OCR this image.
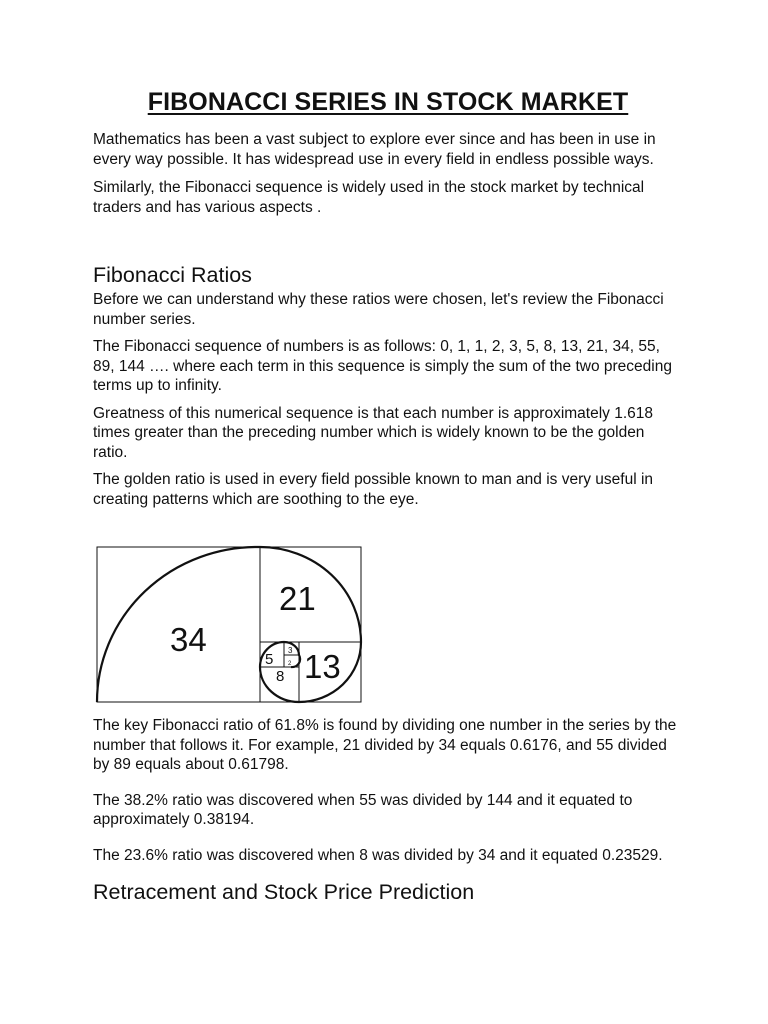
FIBONACCI SERIES IN STOCK MARKET

Mathematics has been a vast subject to explore ever since and has been in use in every way possible. It has widespread use in every field in endless possible ways.

Similarly, the Fibonacci sequence is widely used in the stock market by technical traders and has various aspects .

Fibonacci Ratios

Before we can understand why these ratios were chosen, let's review the Fibonacci number series.

The Fibonacci sequence of numbers is as follows: 0, 1, 1, 2, 3, 5, 8, 13, 21, 34, 55, 89, 144 …. where each term in this sequence is simply the sum of the two preceding terms up to infinity.

Greatness of this numerical sequence is that each number is approximately 1.618 times greater than the preceding number which is widely known to be the golden ratio.

The golden ratio is used in every field possible known to man and is very useful in creating patterns which are soothing to the eye.

34
21
13
8
5
3
2

The key Fibonacci ratio of 61.8% is found by dividing one number in the series by the number that follows it. For example, 21 divided by 34 equals 0.6176, and 55 divided by 89 equals about 0.61798.

The 38.2% ratio was discovered when 55 was divided by 144 and it equated to approximately 0.38194.

The 23.6% ratio was discovered when 8 was divided by 34 and it equated 0.23529.

Retracement and Stock Price Prediction
